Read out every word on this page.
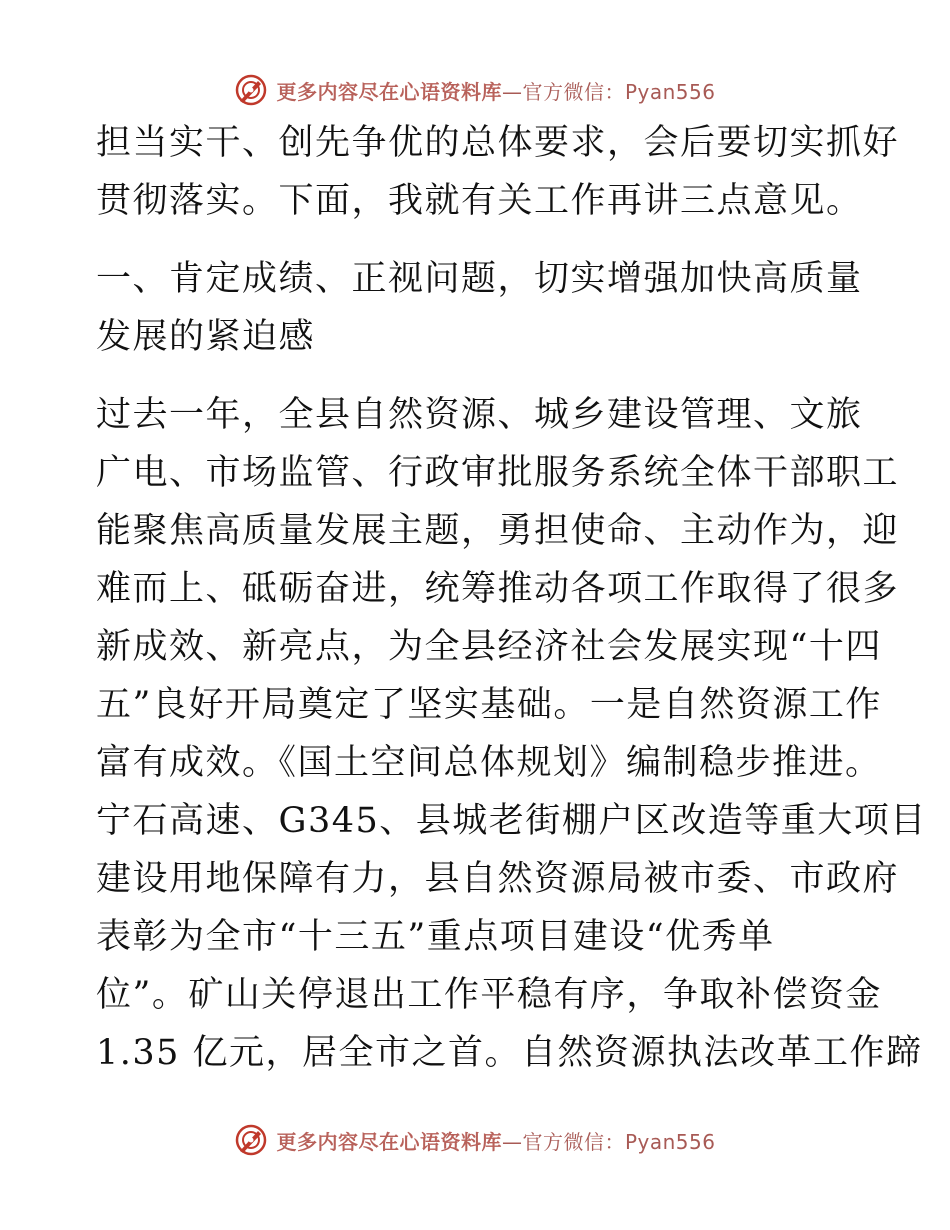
更多内容尽在心语资料库—官方微信：Pyan556
担当实干、创先争优的总体要求，会后要切实抓好
贯彻落实。下面，我就有关工作再讲三点意见。
一、肯定成绩、正视问题，切实增强加快高质量
发展的紧迫感
过去一年，全县自然资源、城乡建设管理、文旅
广电、市场监管、行政审批服务系统全体干部职工
能聚焦高质量发展主题，勇担使命、主动作为，迎
难而上、砥砺奋进，统筹推动各项工作取得了很多
新成效、新亮点，为全县经济社会发展实现“十四
五”良好开局奠定了坚实基础。一是自然资源工作
富有成效。《国土空间总体规划》编制稳步推进。
宁石高速、G345、县城老街棚户区改造等重大项目
建设用地保障有力，县自然资源局被市委、市政府
表彰为全市“十三五”重点项目建设“优秀单
位”。矿山关停退出工作平稳有序，争取补偿资金
1.35 亿元，居全市之首。自然资源执法改革工作蹄
更多内容尽在心语资料库—官方微信：Pyan556
